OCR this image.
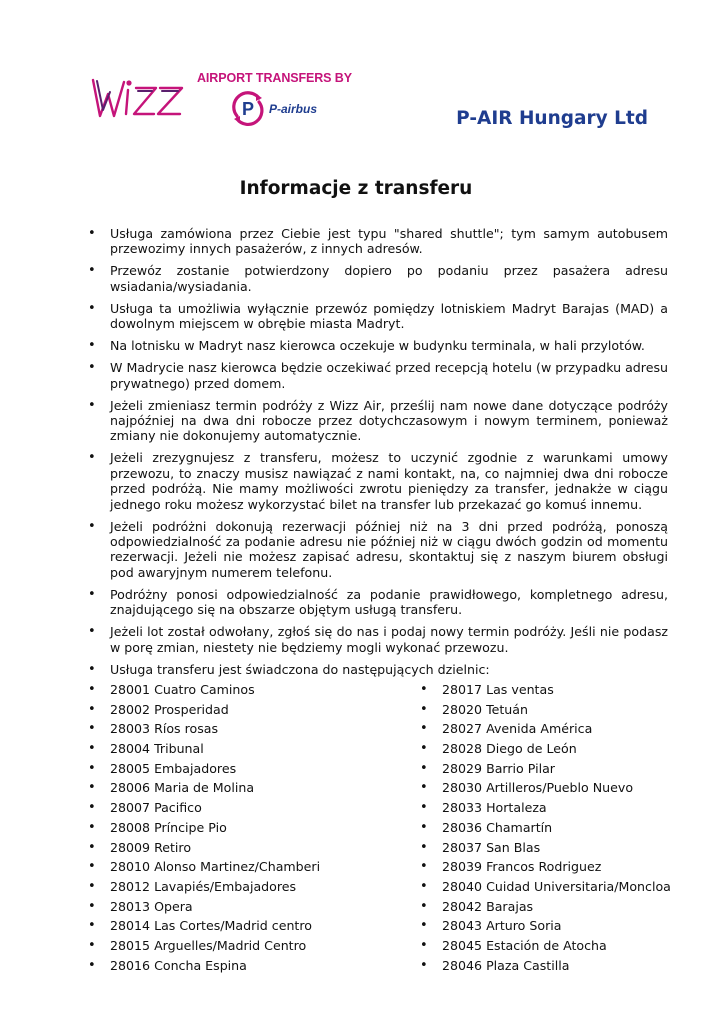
WIZZ	AIRPORT TRANSFERS BY
P P-airbus	P-AIR Hungary Ltd
Informacje z transferu
• Usługa zamówiona przez Ciebie jest typu "shared shuttle"; tym samym autobusem przewozimy innych pasażerów, z innych adresów.
• Przewóz zostanie potwierdzony dopiero po podaniu przez pasażera adresu wsiadania/wysiadania.
• Usługa ta umożliwia wyłącznie przewóz pomiędzy lotniskiem Madryt Barajas (MAD) a dowolnym miejscem w obrębie miasta Madryt.
• Na lotnisku w Madryt nasz kierowca oczekuje w budynku terminala, w hali przylotów.
• W Madrycie nasz kierowca będzie oczekiwać przed recepcją hotelu (w przypadku adresu prywatnego) przed domem.
• Jeżeli zmieniasz termin podróży z Wizz Air, prześlij nam nowe dane dotyczące podróży najpóźniej na dwa dni robocze przez dotychczasowym i nowym terminem, ponieważ zmiany nie dokonujemy automatycznie.
• Jeżeli zrezygnujesz z transferu, możesz to uczynić zgodnie z warunkami umowy przewozu, to znaczy musisz nawiązać z nami kontakt, na, co najmniej dwa dni robocze przed podróżą. Nie mamy możliwości zwrotu pieniędzy za transfer, jednakże w ciągu jednego roku możesz wykorzystać bilet na transfer lub przekazać go komuś innemu.
• Jeżeli podróżni dokonują rezerwacji później niż na 3 dni przed podróżą, ponoszą odpowiedzialność za podanie adresu nie później niż w ciągu dwóch godzin od momentu rezerwacji. Jeżeli nie możesz zapisać adresu, skontaktuj się z naszym biurem obsługi pod awaryjnym numerem telefonu.
• Podróżny ponosi odpowiedzialność za podanie prawidłowego, kompletnego adresu, znajdującego się na obszarze objętym usługą transferu.
• Jeżeli lot został odwołany, zgłoś się do nas i podaj nowy termin podróży. Jeśli nie podasz w porę zmian, niestety nie będziemy mogli wykonać przewozu.
• Usługa transferu jest świadczona do następujących dzielnic:
• 28001 Cuatro Caminos
• 28002 Prosperidad
• 28003 Ríos rosas
• 28004 Tribunal
• 28005 Embajadores
• 28006 Maria de Molina
• 28007 Pacifico
• 28008 Príncipe Pio
• 28009 Retiro
• 28010 Alonso Martinez/Chamberi
• 28012 Lavapiés/Embajadores
• 28013 Opera
• 28014 Las Cortes/Madrid centro
• 28015 Arguelles/Madrid Centro
• 28016 Concha Espina
• 28017 Las ventas
• 28020 Tetuán
• 28027 Avenida América
• 28028 Diego de León
• 28029 Barrio Pilar
• 28030 Artilleros/Pueblo Nuevo
• 28033 Hortaleza
• 28036 Chamartín
• 28037 San Blas
• 28039 Francos Rodriguez
• 28040 Cuidad Universitaria/Moncloa
• 28042 Barajas
• 28043 Arturo Soria
• 28045 Estación de Atocha
• 28046 Plaza Castilla
